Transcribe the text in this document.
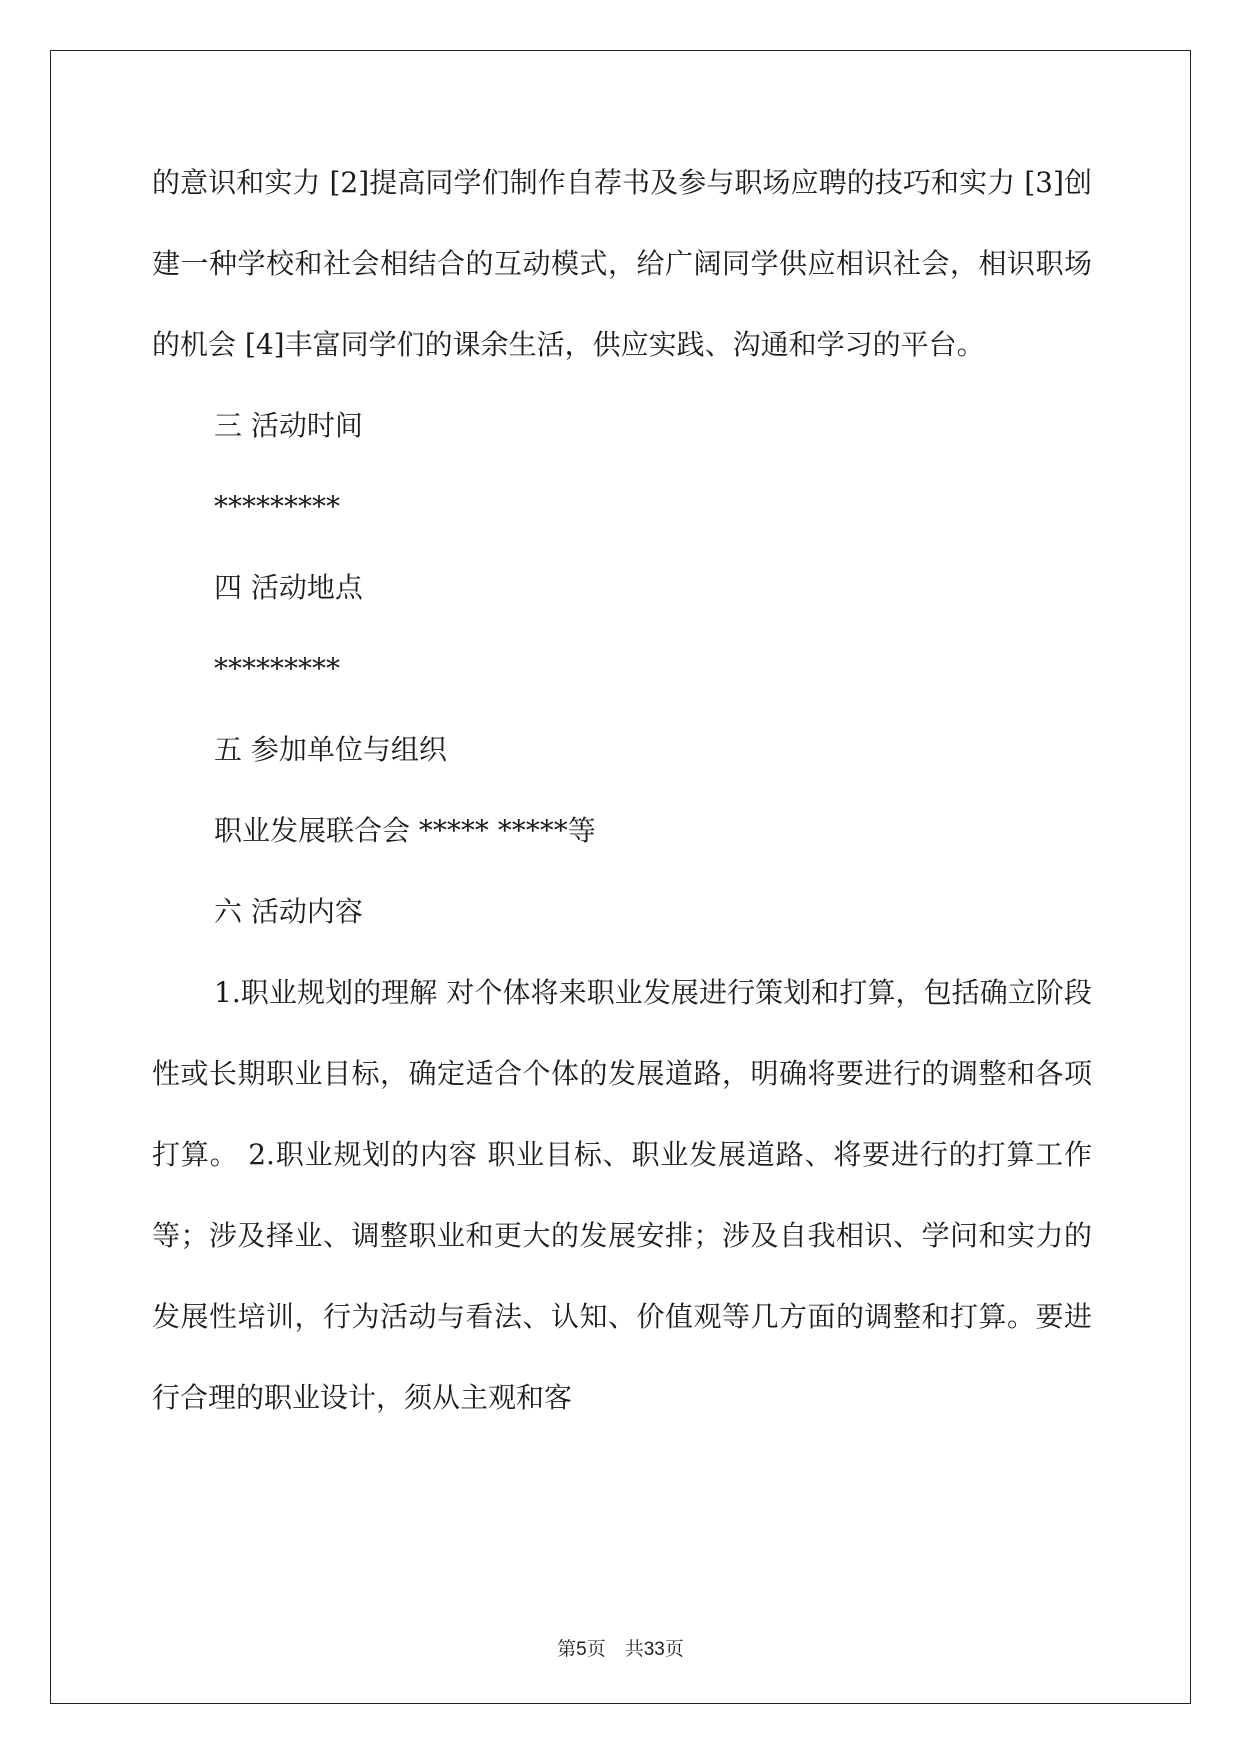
的意识和实力 [2]提高同学们制作自荐书及参与职场应聘的技巧和实力 [3]创建一种学校和社会相结合的互动模式，给广阔同学供应相识社会，相识职场的机会 [4]丰富同学们的课余生活，供应实践、沟通和学习的平台。

三 活动时间
*********
四 活动地点
*********
五 参加单位与组织
职业发展联合会 ***** *****等
六 活动内容

1.职业规划的理解 对个体将来职业发展进行策划和打算，包括确立阶段性或长期职业目标，确定适合个体的发展道路，明确将要进行的调整和各项打算。 2.职业规划的内容 职业目标、职业发展道路、将要进行的打算工作等；涉及择业、调整职业和更大的发展安排；涉及自我相识、学问和实力的发展性培训，行为活动与看法、认知、价值观等几方面的调整和打算。要进行合理的职业设计，须从主观和客

第5页　共33页
